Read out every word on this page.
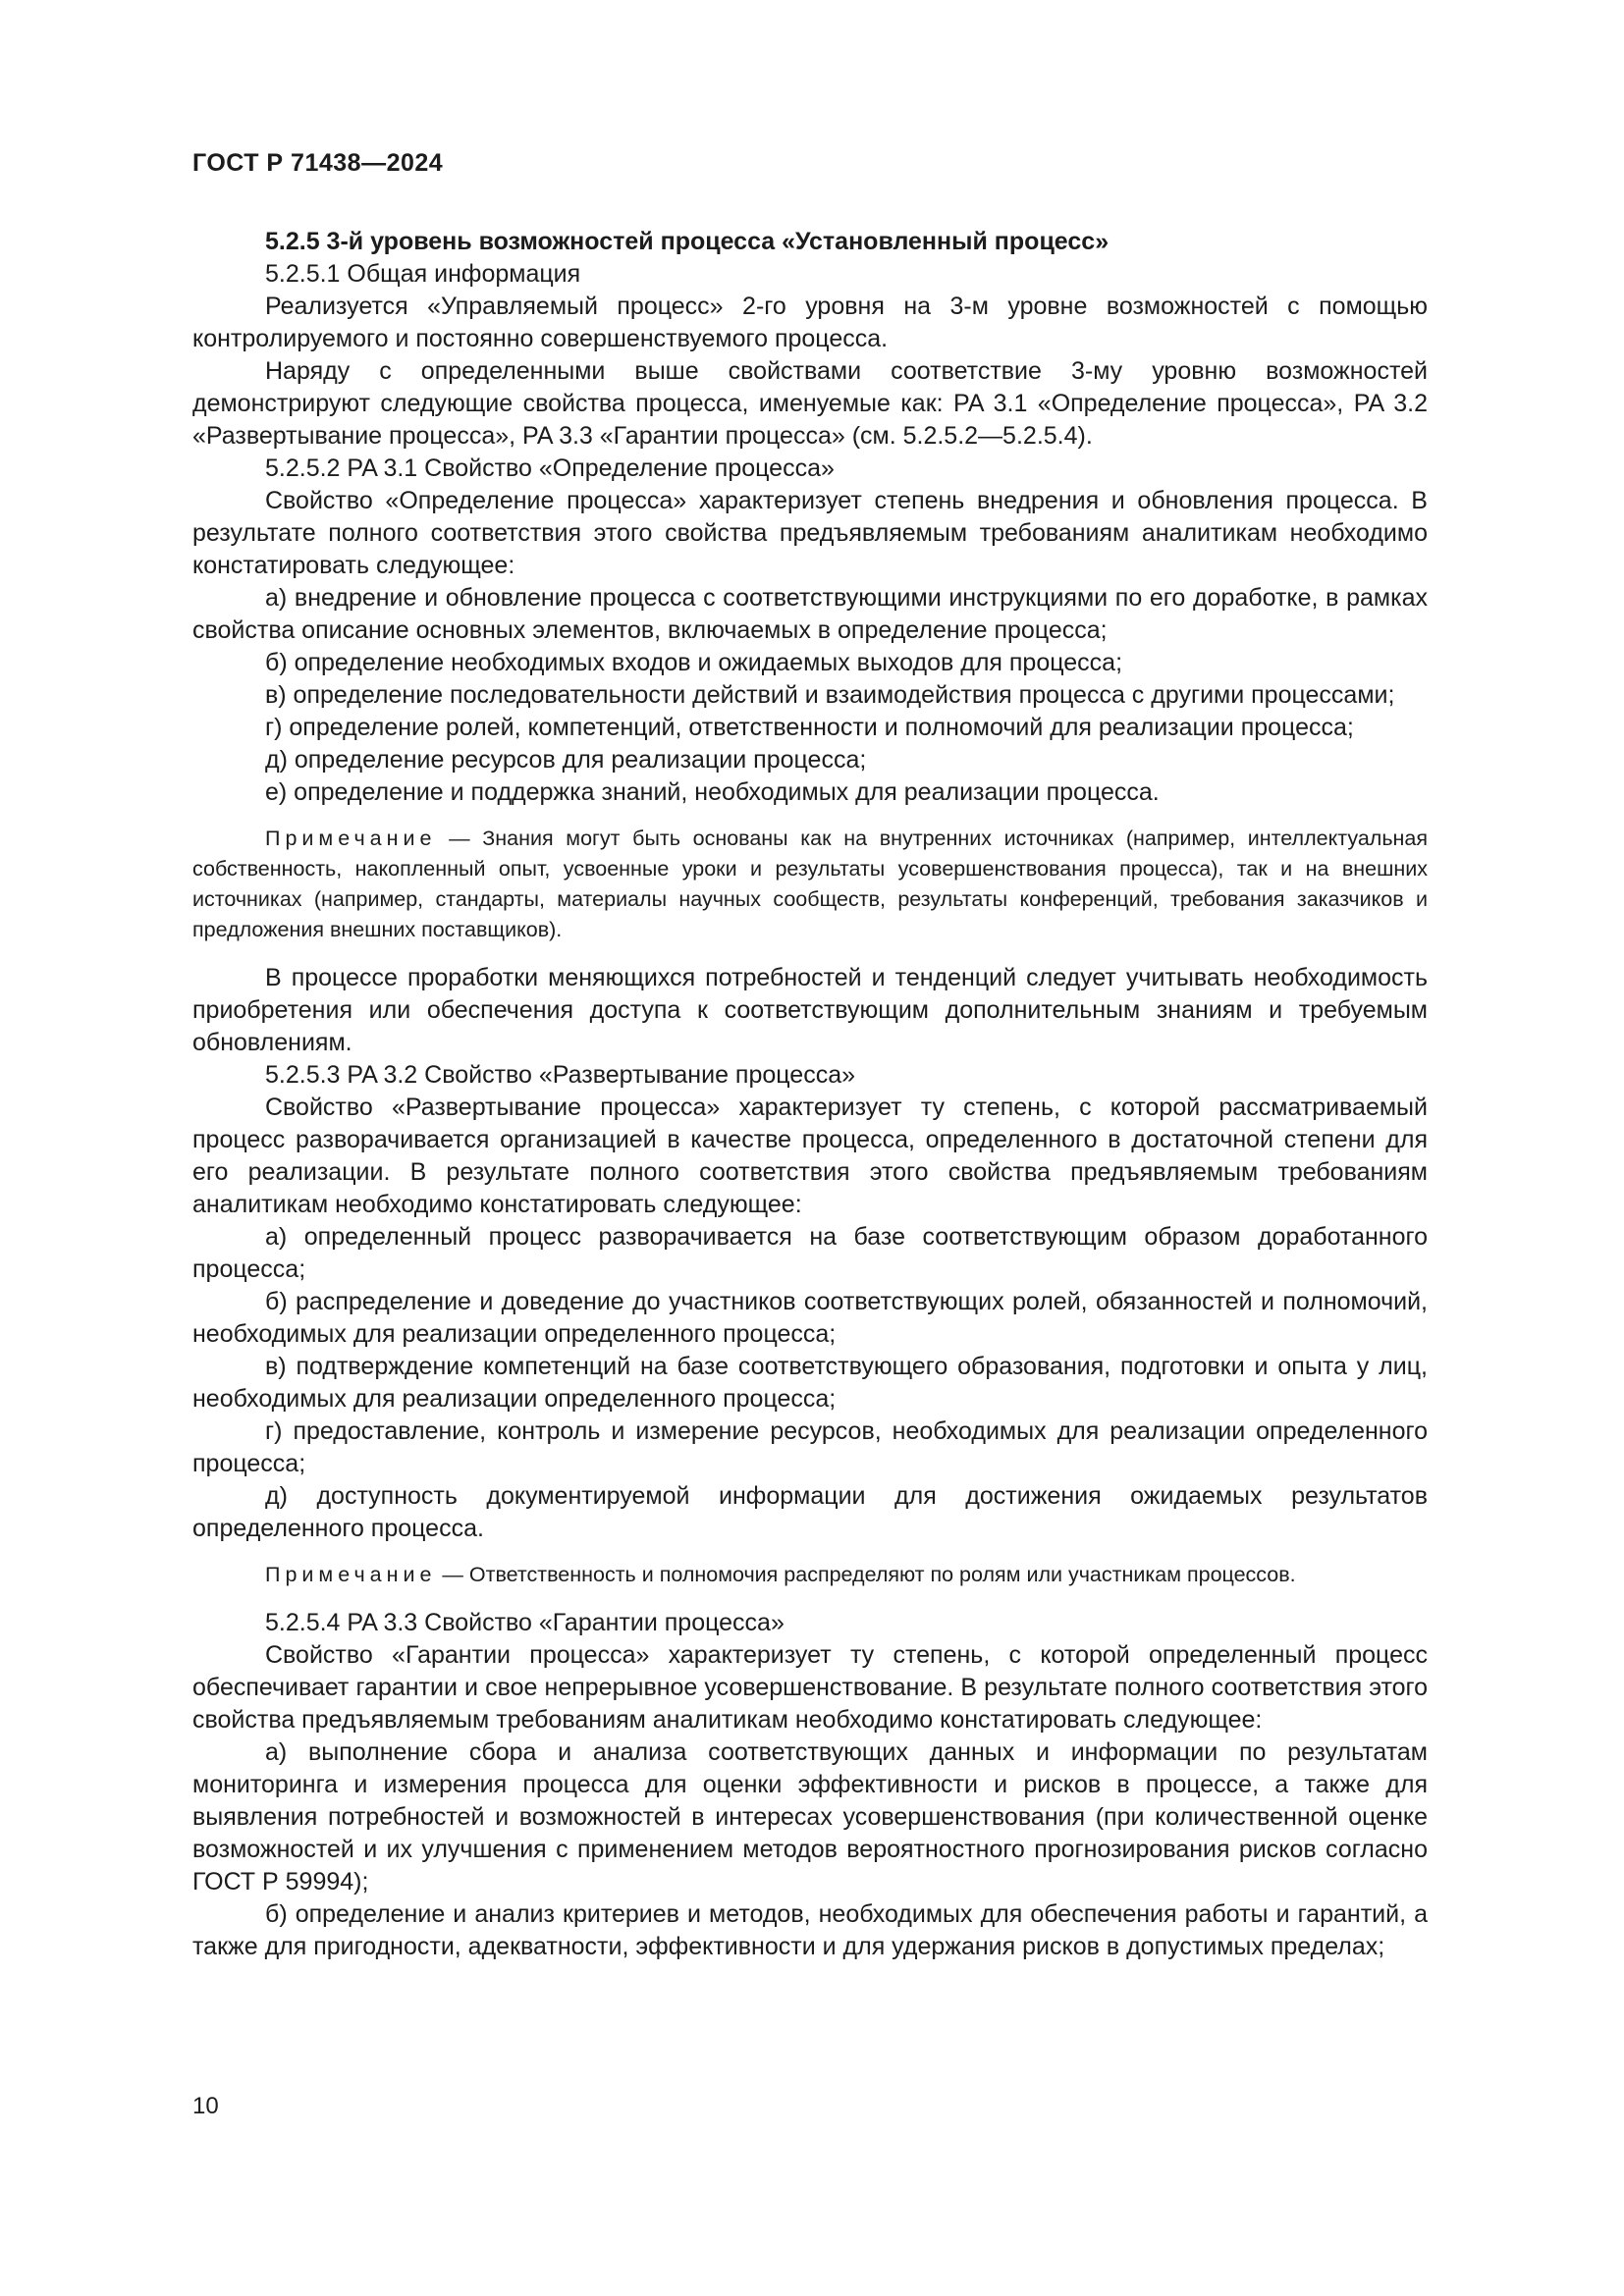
ГОСТ Р 71438—2024

5.2.5 3-й уровень возможностей процесса «Установленный процесс»

5.2.5.1 Общая информация

Реализуется «Управляемый процесс» 2-го уровня на 3-м уровне возможностей с помощью контролируемого и постоянно совершенствуемого процесса.

Наряду с определенными выше свойствами соответствие 3-му уровню возможностей демонстрируют следующие свойства процесса, именуемые как: PA 3.1 «Определение процесса», PA 3.2 «Развертывание процесса», PA 3.3 «Гарантии процесса» (см. 5.2.5.2—5.2.5.4).

5.2.5.2 PA 3.1 Свойство «Определение процесса»

Свойство «Определение процесса» характеризует степень внедрения и обновления процесса. В результате полного соответствия этого свойства предъявляемым требованиям аналитикам необходимо констатировать следующее:

а) внедрение и обновление процесса с соответствующими инструкциями по его доработке, в рамках свойства описание основных элементов, включаемых в определение процесса;

б) определение необходимых входов и ожидаемых выходов для процесса;

в) определение последовательности действий и взаимодействия процесса с другими процессами;

г) определение ролей, компетенций, ответственности и полномочий для реализации процесса;

д) определение ресурсов для реализации процесса;

е) определение и поддержка знаний, необходимых для реализации процесса.

Примечание — Знания могут быть основаны как на внутренних источниках (например, интеллектуальная собственность, накопленный опыт, усвоенные уроки и результаты усовершенствования процесса), так и на внешних источниках (например, стандарты, материалы научных сообществ, результаты конференций, требования заказчиков и предложения внешних поставщиков).

В процессе проработки меняющихся потребностей и тенденций следует учитывать необходимость приобретения или обеспечения доступа к соответствующим дополнительным знаниям и требуемым обновлениям.

5.2.5.3 PA 3.2 Свойство «Развертывание процесса»

Свойство «Развертывание процесса» характеризует ту степень, с которой рассматриваемый процесс разворачивается организацией в качестве процесса, определенного в достаточной степени для его реализации. В результате полного соответствия этого свойства предъявляемым требованиям аналитикам необходимо констатировать следующее:

а) определенный процесс разворачивается на базе соответствующим образом доработанного процесса;

б) распределение и доведение до участников соответствующих ролей, обязанностей и полномочий, необходимых для реализации определенного процесса;

в) подтверждение компетенций на базе соответствующего образования, подготовки и опыта у лиц, необходимых для реализации определенного процесса;

г) предоставление, контроль и измерение ресурсов, необходимых для реализации определенного процесса;

д) доступность документируемой информации для достижения ожидаемых результатов определенного процесса.

Примечание — Ответственность и полномочия распределяют по ролям или участникам процессов.

5.2.5.4 PA 3.3 Свойство «Гарантии процесса»

Свойство «Гарантии процесса» характеризует ту степень, с которой определенный процесс обеспечивает гарантии и свое непрерывное усовершенствование. В результате полного соответствия этого свойства предъявляемым требованиям аналитикам необходимо констатировать следующее:

а) выполнение сбора и анализа соответствующих данных и информации по результатам мониторинга и измерения процесса для оценки эффективности и рисков в процессе, а также для выявления потребностей и возможностей в интересах усовершенствования (при количественной оценке возможностей и их улучшения с применением методов вероятностного прогнозирования рисков согласно ГОСТ Р 59994);

б) определение и анализ критериев и методов, необходимых для обеспечения работы и гарантий, а также для пригодности, адекватности, эффективности и для удержания рисков в допустимых пределах;

10
